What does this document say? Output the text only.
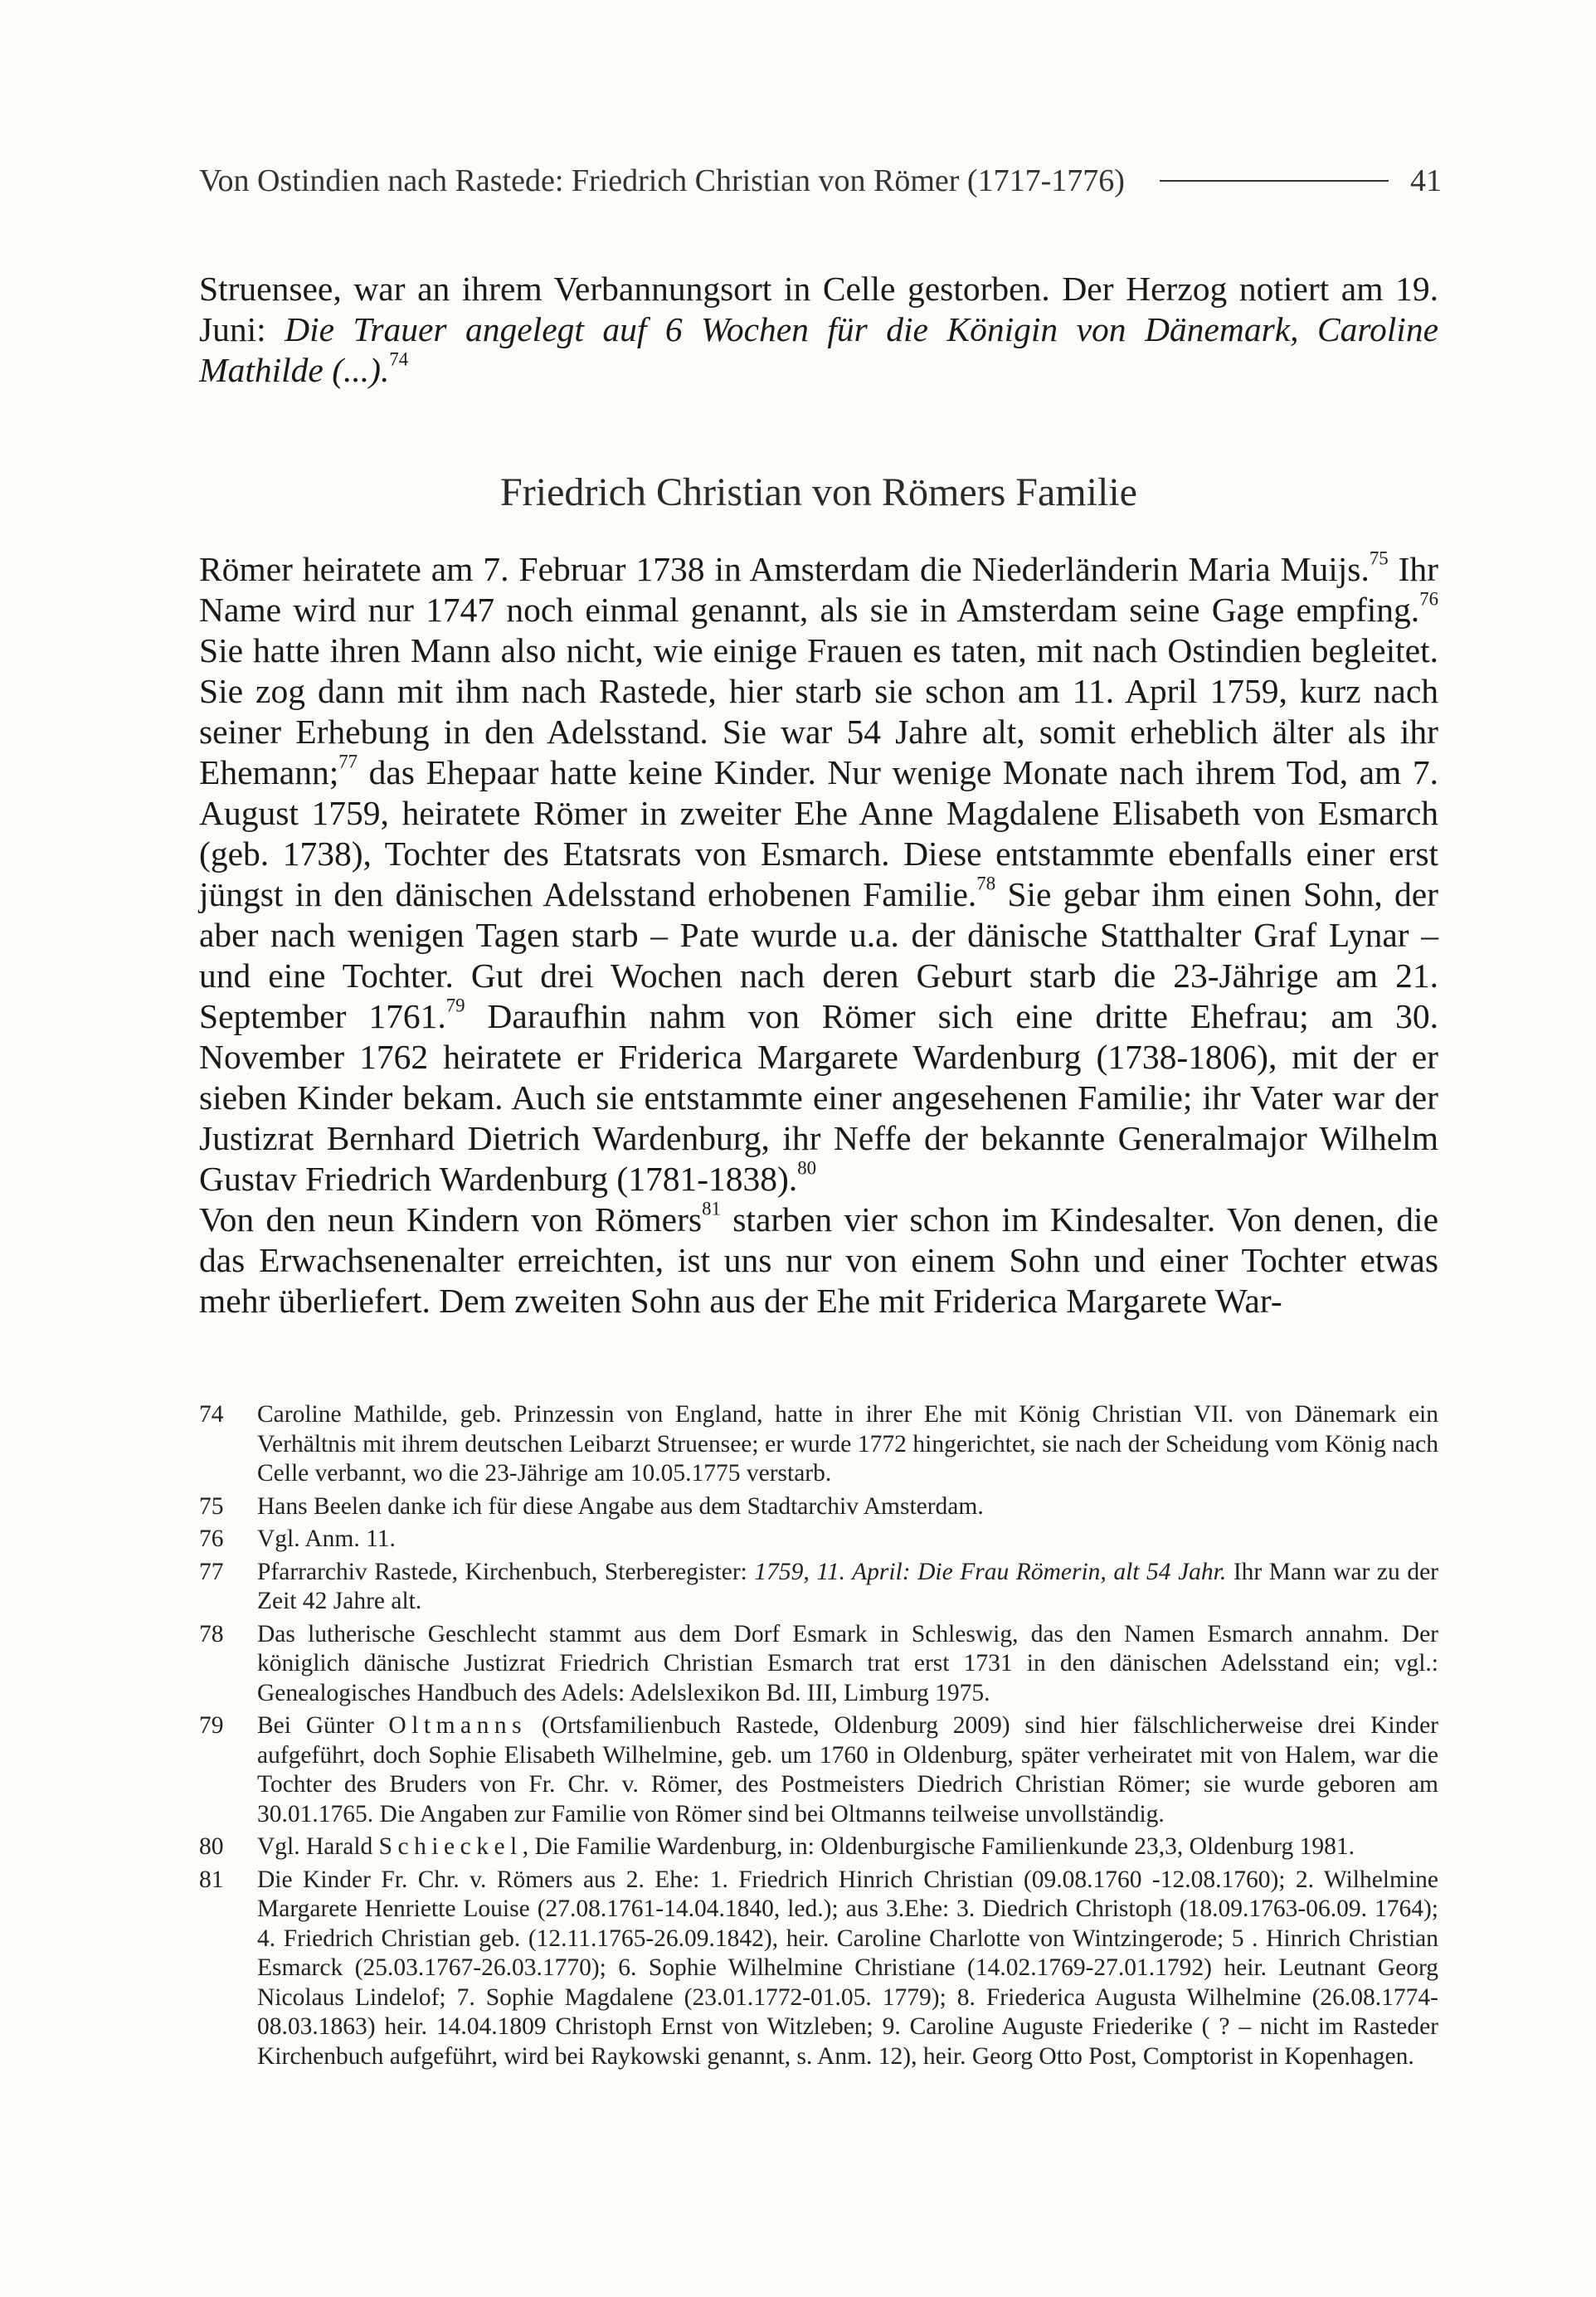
Von Ostindien nach Rastede: Friedrich Christian von Römer (1717-1776)	41
Struensee, war an ihrem Verbannungsort in Celle gestorben. Der Herzog notiert am 19. Juni: Die Trauer angelegt auf 6 Wochen für die Königin von Dänemark, Caroline Mathilde (...).$^{74}$
Friedrich Christian von Römers Familie

Römer heiratete am 7. Februar 1738 in Amsterdam die Niederländerin Maria Muijs.$^{75}$ Ihr Name wird nur 1747 noch einmal genannt, als sie in Amsterdam seine Gage empfing.$^{76}$ Sie hatte ihren Mann also nicht, wie einige Frauen es taten, mit nach Ostindien begleitet. Sie zog dann mit ihm nach Rastede, hier starb sie schon am 11. April 1759, kurz nach seiner Erhebung in den Adelsstand. Sie war 54 Jahre alt, somit erheblich älter als ihr Ehemann;$^{77}$ das Ehepaar hatte keine Kinder. Nur wenige Monate nach ihrem Tod, am 7. August 1759, heiratete Römer in zweiter Ehe Anne Magdalene Elisabeth von Esmarch (geb. 1738), Tochter des Etatsrats von Esmarch. Diese entstammte ebenfalls einer erst jüngst in den dänischen Adelsstand erhobenen Familie.$^{78}$ Sie gebar ihm einen Sohn, der aber nach wenigen Tagen starb – Pate wurde u.a. der dänische Statthalter Graf Lynar – und eine Tochter. Gut drei Wochen nach deren Geburt starb die 23-Jährige am 21. September 1761.79 Daraufhin nahm von Römer sich eine dritte Ehefrau; am 30. November 1762 heiratete er Friderica Margarete Wardenburg (1738-1806), mit der er sieben Kinder bekam. Auch sie entstammte einer angesehenen Familie; ihr Vater war der Justizrat Bernhard Dietrich Wardenburg, ihr Neffe der bekannte Generalmajor Wilhelm Gustav Friedrich Wardenburg (1781-1838).$^{80}$

Von den neun Kindern von Römers$^{81}$ starben vier schon im Kindesalter. Von denen, die das Erwachsenenalter erreichten, ist uns nur von einem Sohn und einer Tochter etwas mehr überliefert. Dem zweiten Sohn aus der Ehe mit Friderica Margarete War-

74	Caroline Mathilde, geb. Prinzessin von England, hatte in ihrer Ehe mit König Christian VII. von Dänemark ein Verhältnis mit ihrem deutschen Leibarzt Struensee; er wurde 1772 hingerichtet, sie nach der Scheidung vom König nach Celle verbannt, wo die 23-Jährige am 10.05.1775 verstarb.
75	Hans Beelen danke ich für diese Angabe aus dem Stadtarchiv Amsterdam.
76	Vgl. Anm. 11.
77	Pfarrarchiv Rastede, Kirchenbuch, Sterberegister: 1759, 11. April: Die Frau Römerin, alt 54 Jahr. Ihr Mann war zu der Zeit 42 Jahre alt.
78	Das lutherische Geschlecht stammt aus dem Dorf Esmark in Schleswig, das den Namen Esmarch annahm. Der königlich dänische Justizrat Friedrich Christian Esmarch trat erst 1731 in den dänischen Adelsstand ein; vgl.: Genealogisches Handbuch des Adels: Adelslexikon Bd. III, Limburg 1975.
79	Bei Günter Oltmanns (Ortsfamilienbuch Rastede, Oldenburg 2009) sind hier fälschlicherweise drei Kinder aufgeführt, doch Sophie Elisabeth Wilhelmine, geb. um 1760 in Oldenburg, später verheiratet mit von Halem, war die Tochter des Bruders von Fr. Chr. v. Römer, des Postmeisters Diedrich Christian Römer; sie wurde geboren am 30.01.1765. Die Angaben zur Familie von Römer sind bei Oltmanns teilweise unvollständig.
80	Vgl. Harald Schieckel, Die Familie Wardenburg, in: Oldenburgische Familienkunde 23,3, Oldenburg 1981.
81	Die Kinder Fr. Chr. v. Römers aus 2. Ehe: 1. Friedrich Hinrich Christian (09.08.1760 -12.08.1760); 2. Wilhelmine Margarete Henriette Louise (27.08.1761-14.04.1840, led.); aus 3.Ehe: 3. Diedrich Christoph (18.09.1763-06.09. 1764); 4. Friedrich Christian geb. (12.11.1765-26.09.1842), heir. Caroline Charlotte von Wintzingerode; 5 . Hinrich Christian Esmarck (25.03.1767-26.03.1770); 6. Sophie Wilhelmine Christiane (14.02.1769-27.01.1792) heir. Leutnant Georg Nicolaus Lindelof; 7. Sophie Magdalene (23.01.1772-01.05. 1779); 8. Friederica Augusta Wilhelmine (26.08.1774-08.03.1863) heir. 14.04.1809 Christoph Ernst von Witzleben; 9. Caroline Auguste Friederike ( ? – nicht im Rasteder Kirchenbuch aufgeführt, wird bei Raykowski genannt, s. Anm. 12), heir. Georg Otto Post, Comptorist in Kopenhagen.
